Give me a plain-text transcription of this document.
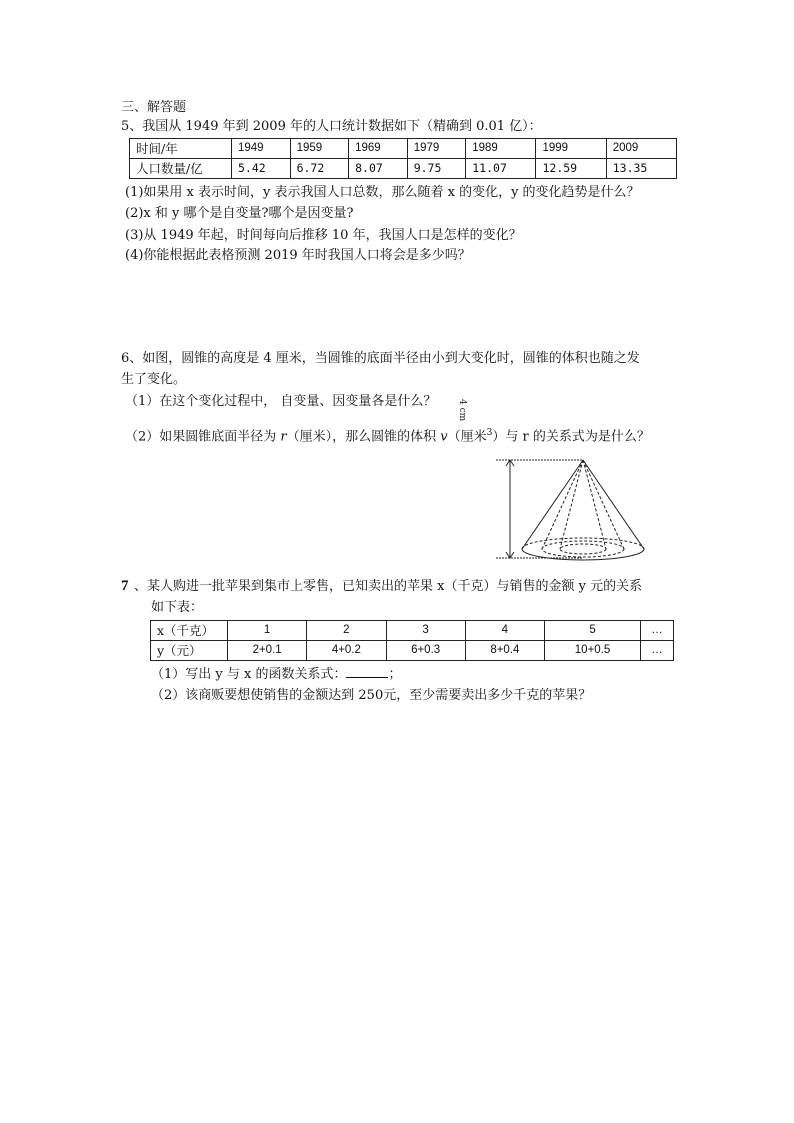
三、解答题
5、我国从 1949 年到 2009 年的人口统计数据如下（精确到 0.01 亿）：
时间/年	1949	1959	1969	1979	1989	1999	2009
人口数量/亿	5.42	6.72	8.07	9.75	11.07	12.59	13.35
(1)如果用 x 表示时间，y 表示我国人口总数，那么随着 x 的变化，y 的变化趋势是什么？
(2)x 和 y 哪个是自变量?哪个是因变量?
(3)从 1949 年起，时间每向后推移 10 年，我国人口是怎样的变化？
(4)你能根据此表格预测 2019 年时我国人口将会是多少吗？
6、如图，圆锥的高度是 4 厘米，当圆锥的底面半径由小到大变化时，圆锥的体积也随之发
生了变化。
（1）在这个变化过程中， 自变量、因变量各是什么？
（2）如果圆锥底面半径为 r（厘米），那么圆锥的体积 v（厘米$^3$）与 r 的关系式为是什么？
4 cm
7 、某人购进一批苹果到集市上零售，已知卖出的苹果 x（千克）与销售的金额 y 元的关系
如下表：
x（千克）	1	2	3	4	5	…
y（元）	2+0.1	4+0.2	6+0.3	8+0.4	10+0.5	…
（1）写出 y 与 x 的函数关系式：	；
（2）该商贩要想使销售的金额达到 250元，至少需要卖出多少千克的苹果？
